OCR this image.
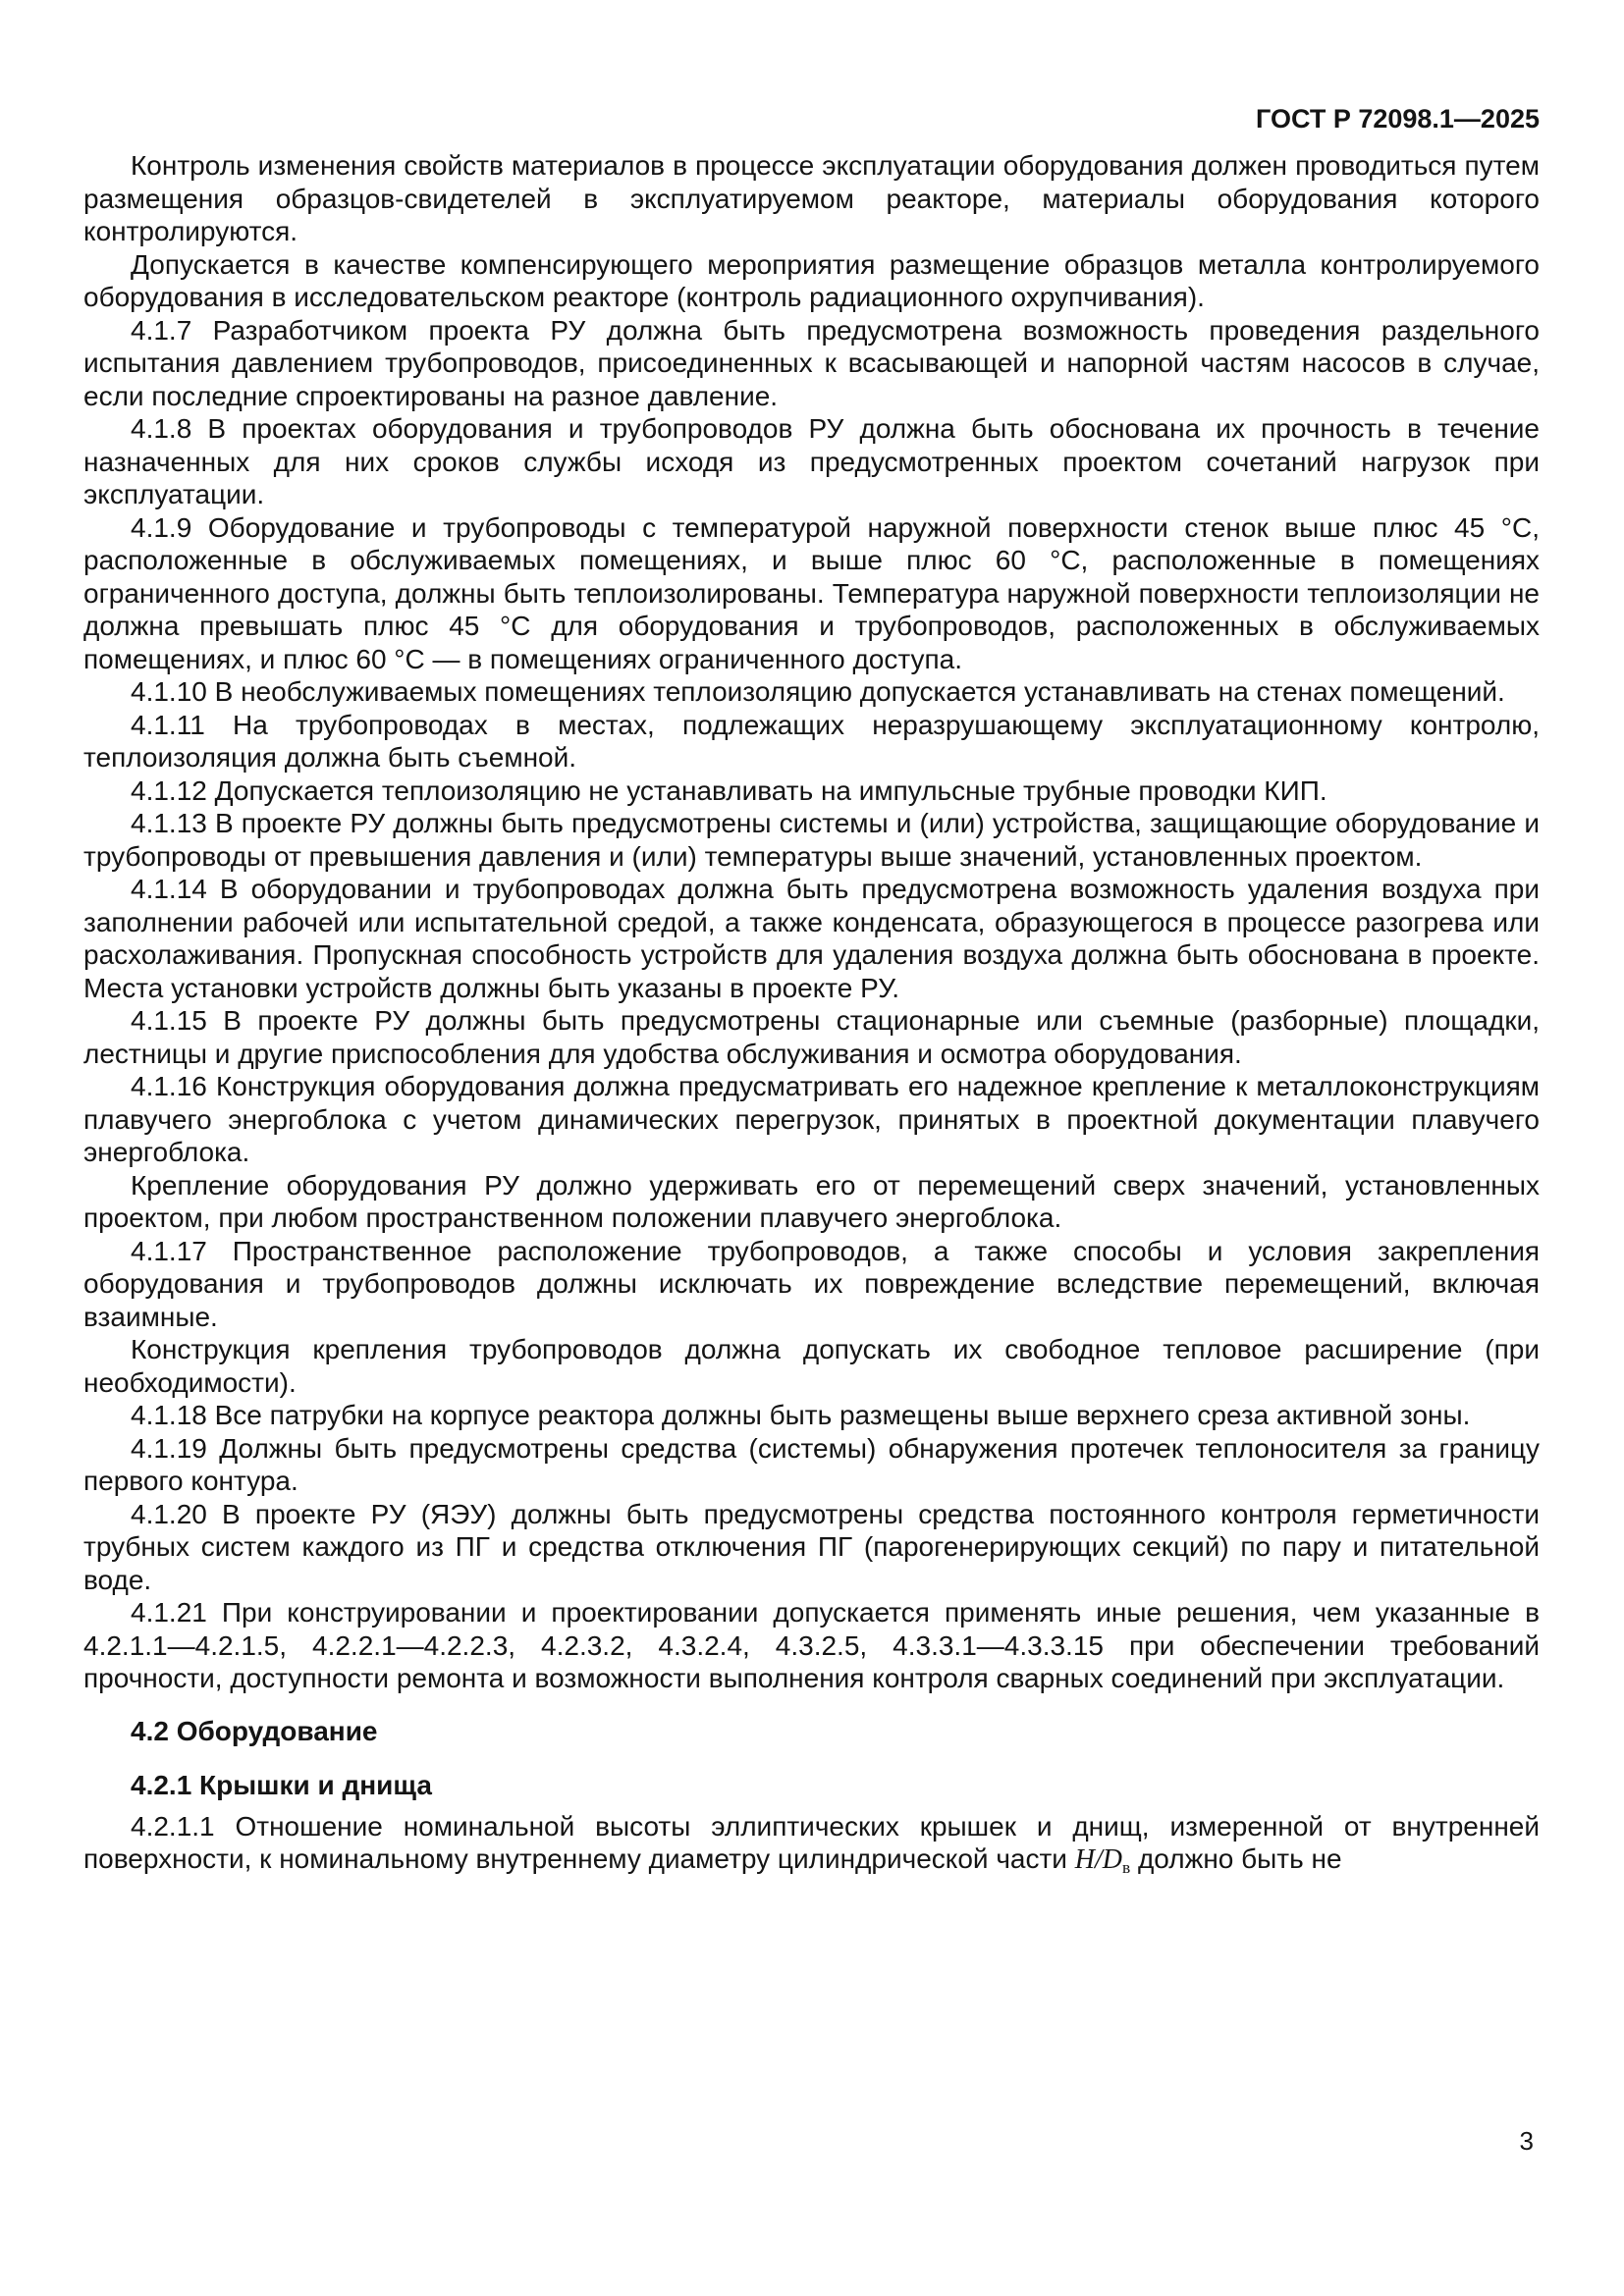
ГОСТ Р 72098.1—2025

Контроль изменения свойств материалов в процессе эксплуатации оборудования должен проводиться путем размещения образцов-свидетелей в эксплуатируемом реакторе, материалы оборудования которого контролируются.

Допускается в качестве компенсирующего мероприятия размещение образцов металла контролируемого оборудования в исследовательском реакторе (контроль радиационного охрупчивания).

4.1.7 Разработчиком проекта РУ должна быть предусмотрена возможность проведения раздельного испытания давлением трубопроводов, присоединенных к всасывающей и напорной частям насосов в случае, если последние спроектированы на разное давление.

4.1.8 В проектах оборудования и трубопроводов РУ должна быть обоснована их прочность в течение назначенных для них сроков службы исходя из предусмотренных проектом сочетаний нагрузок при эксплуатации.

4.1.9 Оборудование и трубопроводы с температурой наружной поверхности стенок выше плюс 45 °С, расположенные в обслуживаемых помещениях, и выше плюс 60 °С, расположенные в помещениях ограниченного доступа, должны быть теплоизолированы. Температура наружной поверхности теплоизоляции не должна превышать плюс 45 °С для оборудования и трубопроводов, расположенных в обслуживаемых помещениях, и плюс 60 °С — в помещениях ограниченного доступа.

4.1.10 В необслуживаемых помещениях теплоизоляцию допускается устанавливать на стенах помещений.

4.1.11 На трубопроводах в местах, подлежащих неразрушающему эксплуатационному контролю, теплоизоляция должна быть съемной.

4.1.12 Допускается теплоизоляцию не устанавливать на импульсные трубные проводки КИП.

4.1.13 В проекте РУ должны быть предусмотрены системы и (или) устройства, защищающие оборудование и трубопроводы от превышения давления и (или) температуры выше значений, установленных проектом.

4.1.14 В оборудовании и трубопроводах должна быть предусмотрена возможность удаления воздуха при заполнении рабочей или испытательной средой, а также конденсата, образующегося в процессе разогрева или расхолаживания. Пропускная способность устройств для удаления воздуха должна быть обоснована в проекте. Места установки устройств должны быть указаны в проекте РУ.

4.1.15 В проекте РУ должны быть предусмотрены стационарные или съемные (разборные) площадки, лестницы и другие приспособления для удобства обслуживания и осмотра оборудования.

4.1.16 Конструкция оборудования должна предусматривать его надежное крепление к металлоконструкциям плавучего энергоблока с учетом динамических перегрузок, принятых в проектной документации плавучего энергоблока.

Крепление оборудования РУ должно удерживать его от перемещений сверх значений, установленных проектом, при любом пространственном положении плавучего энергоблока.

4.1.17 Пространственное расположение трубопроводов, а также способы и условия закрепления оборудования и трубопроводов должны исключать их повреждение вследствие перемещений, включая взаимные.

Конструкция крепления трубопроводов должна допускать их свободное тепловое расширение (при необходимости).

4.1.18 Все патрубки на корпусе реактора должны быть размещены выше верхнего среза активной зоны.

4.1.19 Должны быть предусмотрены средства (системы) обнаружения протечек теплоносителя за границу первого контура.

4.1.20 В проекте РУ (ЯЭУ) должны быть предусмотрены средства постоянного контроля герметичности трубных систем каждого из ПГ и средства отключения ПГ (парогенерирующих секций) по пару и питательной воде.

4.1.21 При конструировании и проектировании допускается применять иные решения, чем указанные в 4.2.1.1—4.2.1.5, 4.2.2.1—4.2.2.3, 4.2.3.2, 4.3.2.4, 4.3.2.5, 4.3.3.1—4.3.3.15 при обеспечении требований прочности, доступности ремонта и возможности выполнения контроля сварных соединений при эксплуатации.

4.2 Оборудование

4.2.1 Крышки и днища

4.2.1.1 Отношение номинальной высоты эллиптических крышек и днищ, измеренной от внутренней поверхности, к номинальному внутреннему диаметру цилиндрической части H/Dв должно быть не

3
